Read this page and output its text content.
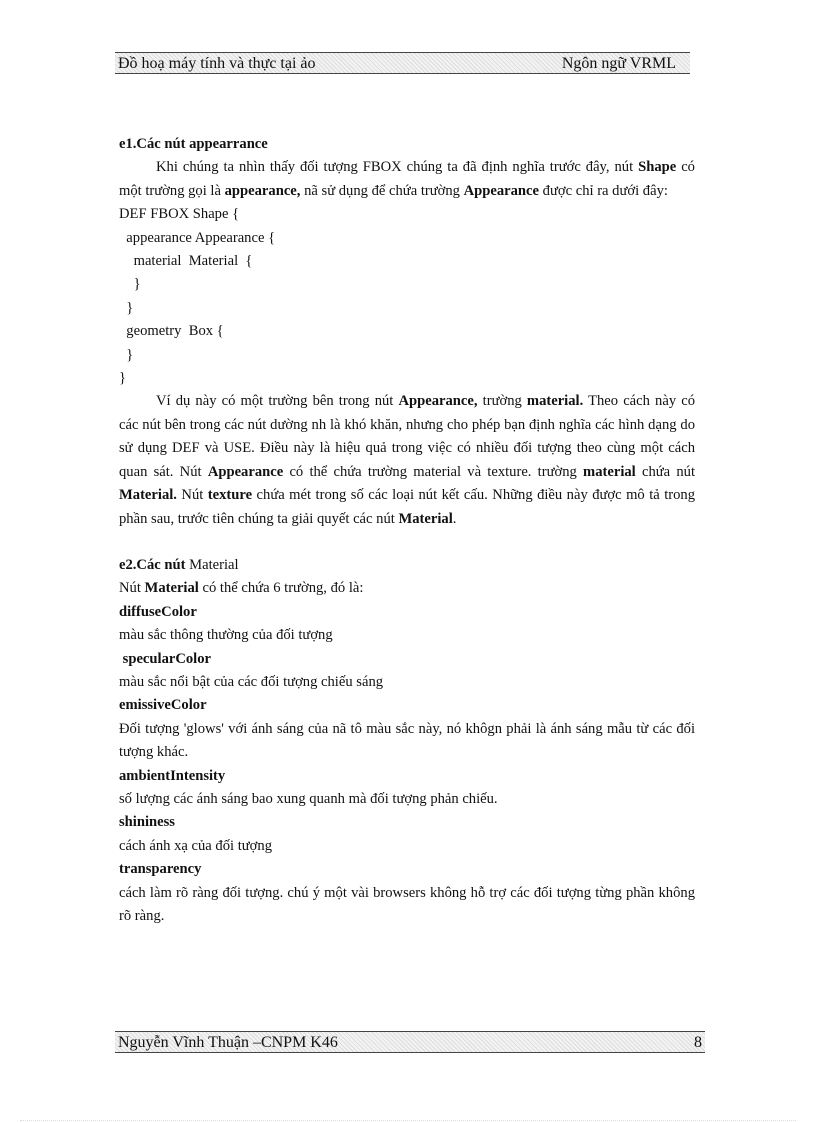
Đồ hoạ máy tính và thực tại ảo	Ngôn ngữ VRML

e1.Các nút appearrance

Khi chúng ta nhìn thấy đối tượng FBOX chúng ta đã định nghĩa trước đây, nút Shape có một trường gọi là appearance, nã sử dụng để chứa trường Appearance được chỉ ra dưới đây:

DEF FBOX Shape {

appearance Appearance {

material  Material  {

}

}

geometry  Box {

}

}

Ví dụ này có một trường bên trong nút Appearance, trường material. Theo cách này có các nút bên trong các nút dường nh là khó khăn, nhưng cho phép bạn định nghĩa các hình dạng do sử dụng DEF và USE. Điều này là hiệu quả trong việc có nhiều đối tượng theo cùng một cách quan sát. Nút Appearance có thể chứa trường material và texture. trường material chứa nút Material. Nút texture chứa mét trong số các loại nút kết cấu. Những điều này được mô tả trong phần sau, trước tiên chúng ta giải quyết các nút Material.

e2.Các nút Material

Nút Material có thể chứa 6 trường, đó là:

diffuseColor

màu sắc thông thường của đối tượng

specularColor

màu sắc nổi bật của các đối tượng chiếu sáng

emissiveColor

Đối tượng 'glows' với ánh sáng của nã tô màu sắc này, nó khôgn phải là ánh sáng mẫu từ các đối tượng khác.

ambientIntensity

số lượng các ánh sáng bao xung quanh mà đối tượng phản chiếu.

shininess

cách ánh xạ của đối tượng

transparency

cách làm rõ ràng đối tượng. chú ý một vài browsers không hỗ trợ các đối tượng từng phần không rõ ràng.

Nguyễn Vĩnh Thuận –CNPM K46	8
